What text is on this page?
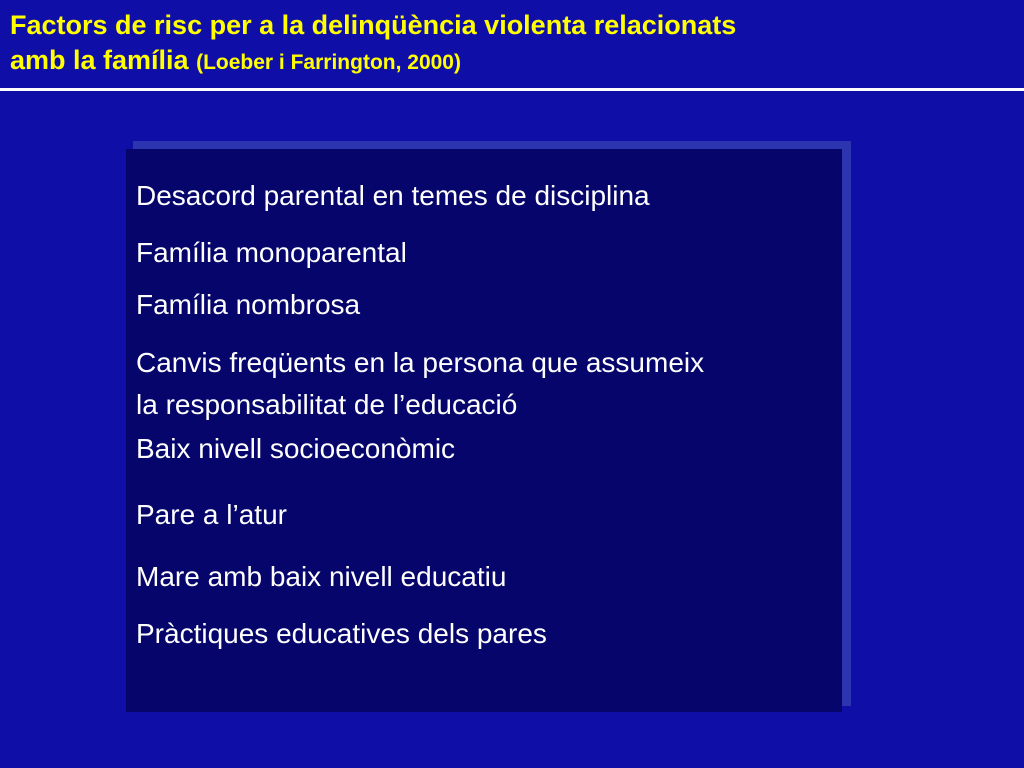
Factors de risc per a la delinqüència violenta relacionats
amb la família (Loeber i Farrington, 2000)
Desacord parental en temes de disciplina
Família monoparental
Família nombrosa
Canvis freqüents en la persona que assumeix
la responsabilitat de l’educació
Baix nivell socioeconòmic
Pare a l’atur
Mare amb baix nivell educatiu
Pràctiques educatives dels pares
